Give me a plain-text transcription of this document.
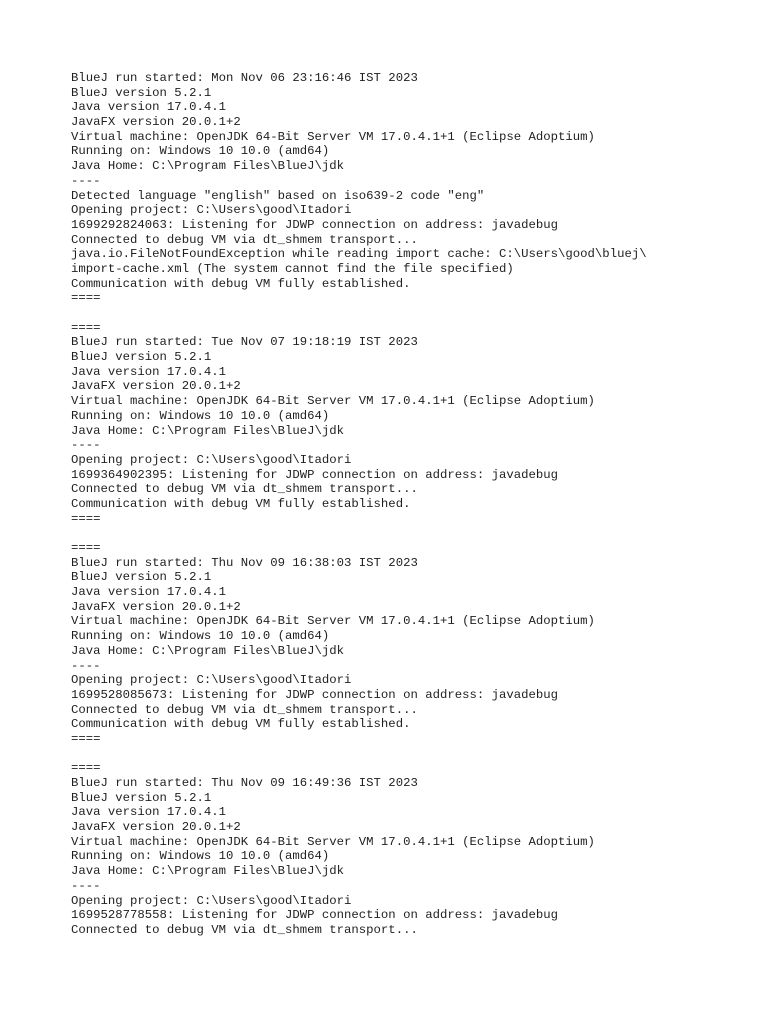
BlueJ run started: Mon Nov 06 23:16:46 IST 2023
BlueJ version 5.2.1
Java version 17.0.4.1
JavaFX version 20.0.1+2
Virtual machine: OpenJDK 64-Bit Server VM 17.0.4.1+1 (Eclipse Adoptium)
Running on: Windows 10 10.0 (amd64)
Java Home: C:\Program Files\BlueJ\jdk
----
Detected language "english" based on iso639-2 code "eng"
Opening project: C:\Users\good\Itadori
1699292824063: Listening for JDWP connection on address: javadebug
Connected to debug VM via dt_shmem transport...
java.io.FileNotFoundException while reading import cache: C:\Users\good\bluej\
import-cache.xml (The system cannot find the file specified)
Communication with debug VM fully established.
====
====
BlueJ run started: Tue Nov 07 19:18:19 IST 2023
BlueJ version 5.2.1
Java version 17.0.4.1
JavaFX version 20.0.1+2
Virtual machine: OpenJDK 64-Bit Server VM 17.0.4.1+1 (Eclipse Adoptium)
Running on: Windows 10 10.0 (amd64)
Java Home: C:\Program Files\BlueJ\jdk
----
Opening project: C:\Users\good\Itadori
1699364902395: Listening for JDWP connection on address: javadebug
Connected to debug VM via dt_shmem transport...
Communication with debug VM fully established.
====
====
BlueJ run started: Thu Nov 09 16:38:03 IST 2023
BlueJ version 5.2.1
Java version 17.0.4.1
JavaFX version 20.0.1+2
Virtual machine: OpenJDK 64-Bit Server VM 17.0.4.1+1 (Eclipse Adoptium)
Running on: Windows 10 10.0 (amd64)
Java Home: C:\Program Files\BlueJ\jdk
----
Opening project: C:\Users\good\Itadori
1699528085673: Listening for JDWP connection on address: javadebug
Connected to debug VM via dt_shmem transport...
Communication with debug VM fully established.
====
====
BlueJ run started: Thu Nov 09 16:49:36 IST 2023
BlueJ version 5.2.1
Java version 17.0.4.1
JavaFX version 20.0.1+2
Virtual machine: OpenJDK 64-Bit Server VM 17.0.4.1+1 (Eclipse Adoptium)
Running on: Windows 10 10.0 (amd64)
Java Home: C:\Program Files\BlueJ\jdk
----
Opening project: C:\Users\good\Itadori
1699528778558: Listening for JDWP connection on address: javadebug
Connected to debug VM via dt_shmem transport...
